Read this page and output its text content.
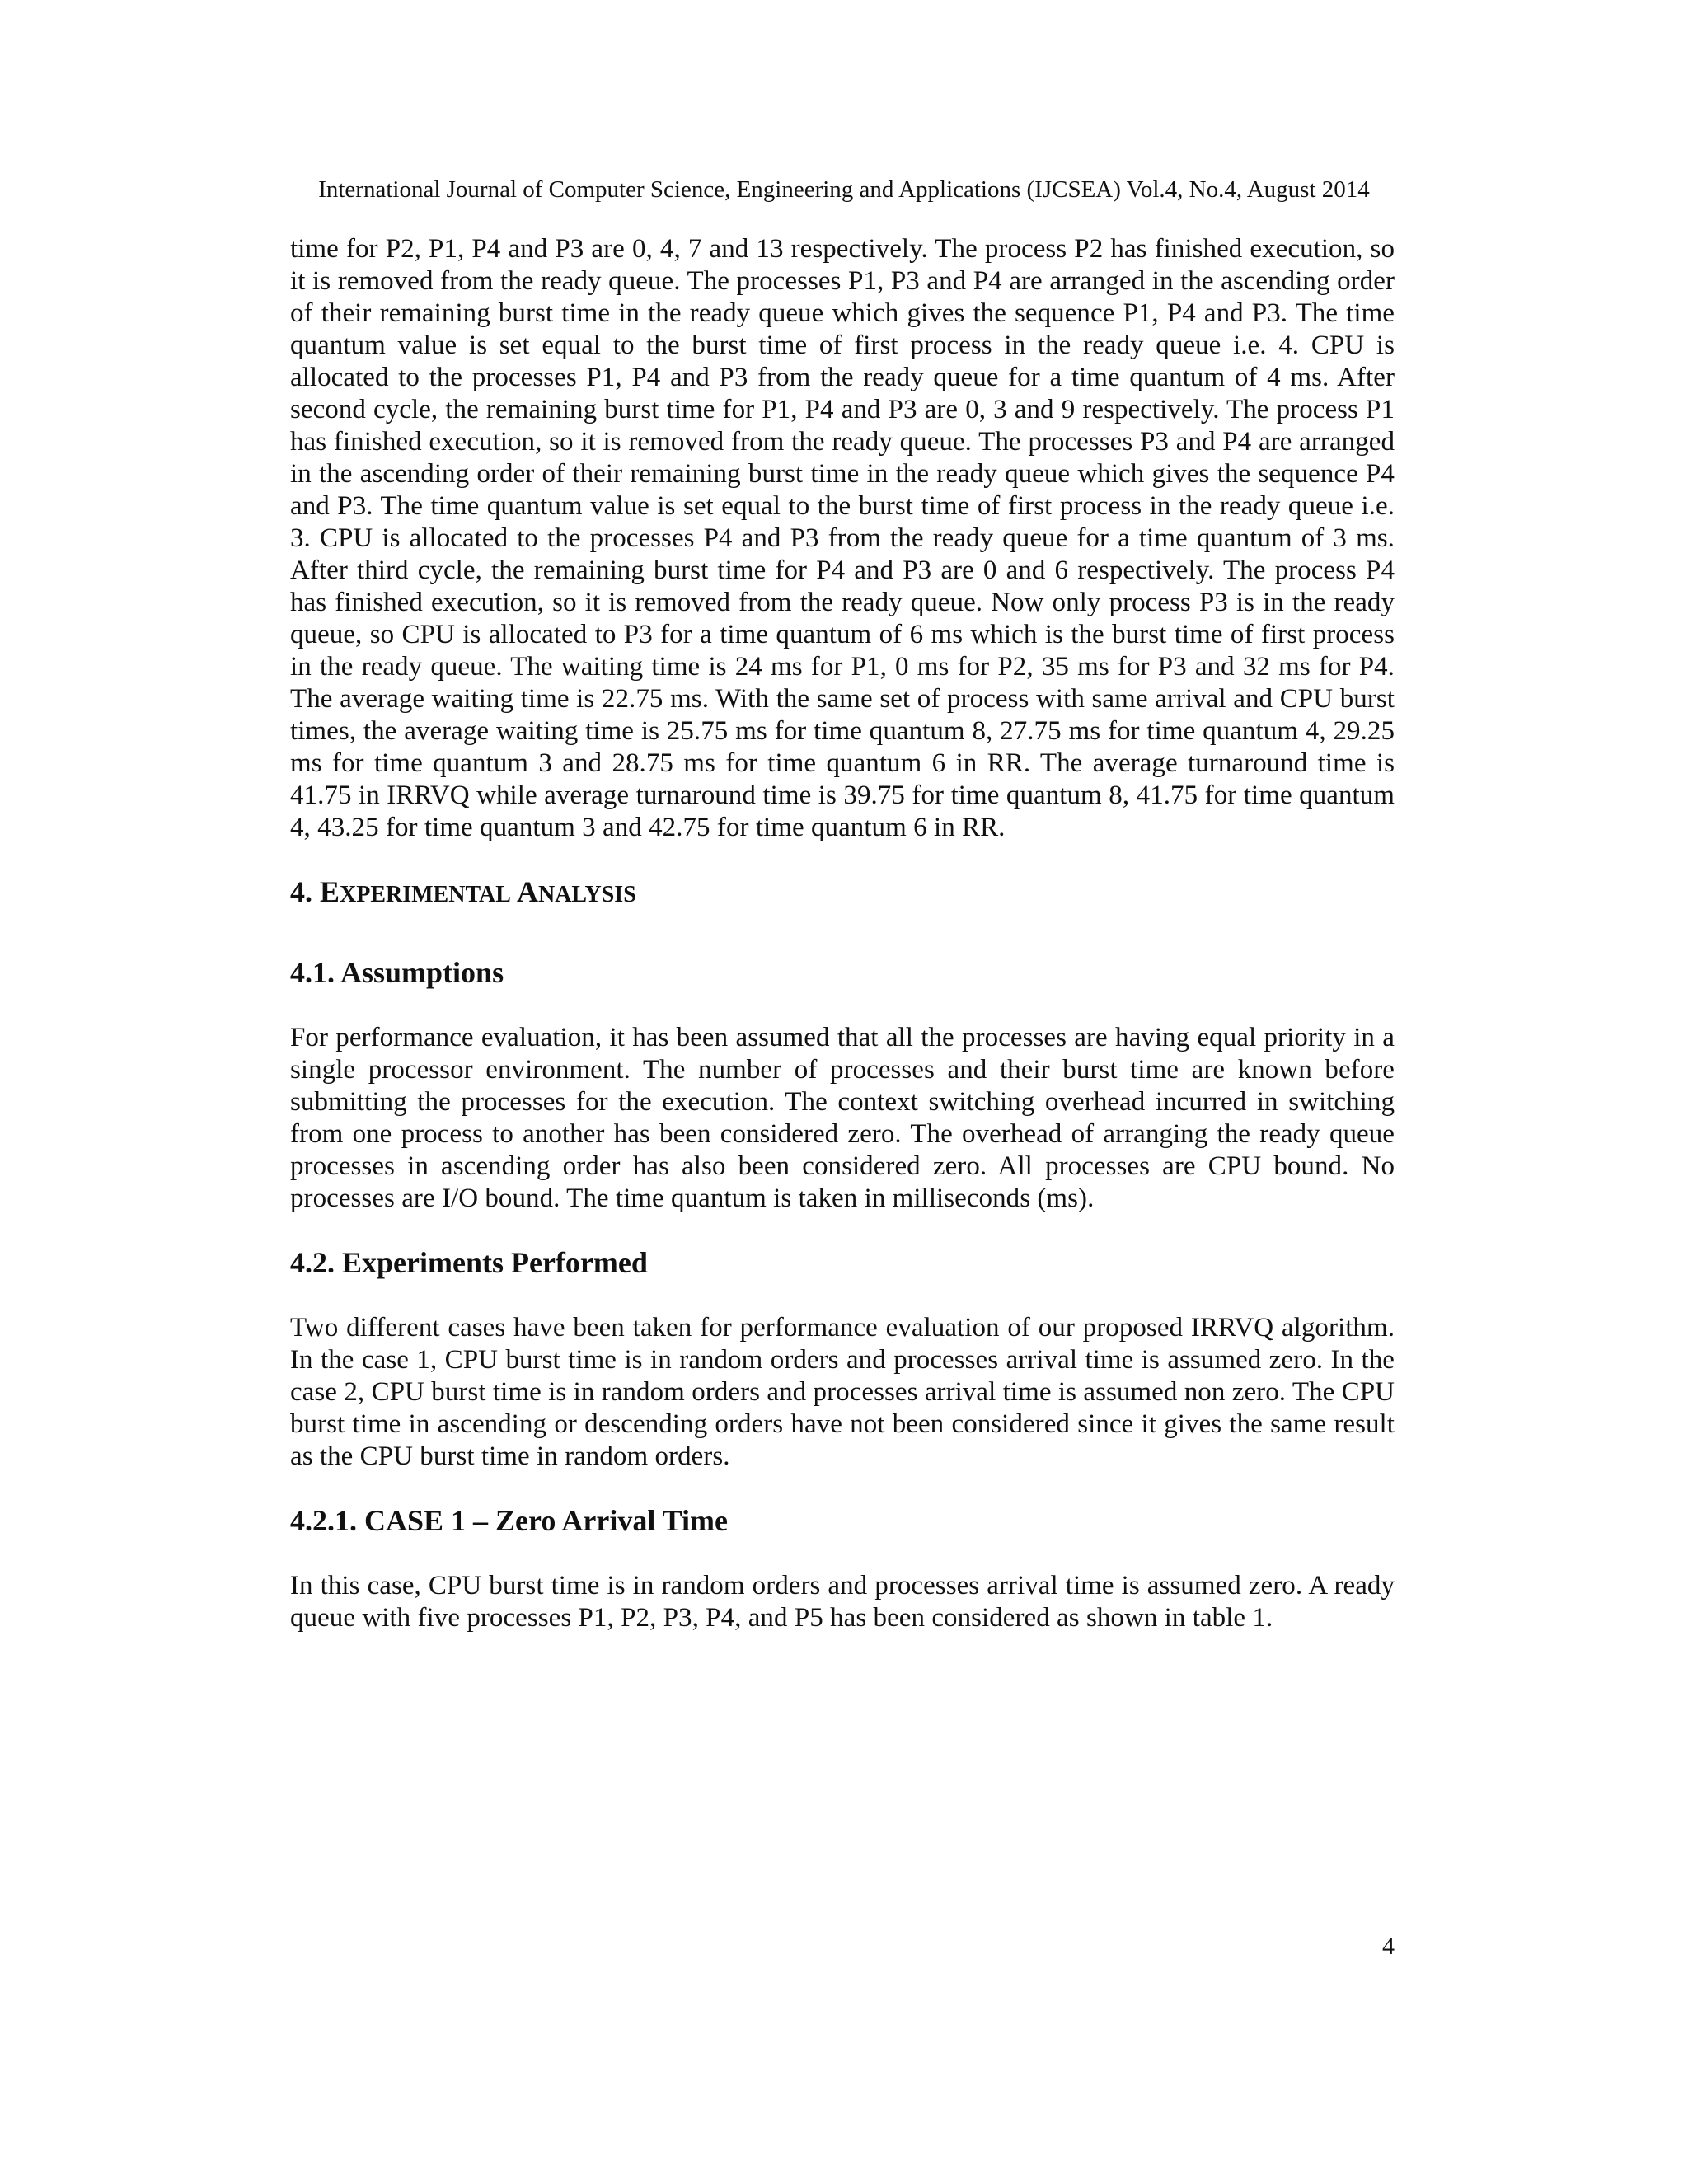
International Journal of Computer Science, Engineering and Applications (IJCSEA) Vol.4, No.4, August 2014

time for P2, P1, P4 and P3 are 0, 4, 7 and 13 respectively. The process P2 has finished execution, so it is removed from the ready queue. The processes P1, P3 and P4 are arranged in the ascending order of their remaining burst time in the ready queue which gives the sequence P1, P4 and P3. The time quantum value is set equal to the burst time of first process in the ready queue i.e. 4. CPU is allocated to the processes P1, P4 and P3 from the ready queue for a time quantum of 4 ms. After second cycle, the remaining burst time for P1, P4 and P3 are 0, 3 and 9 respectively. The process P1 has finished execution, so it is removed from the ready queue. The processes P3 and P4 are arranged in the ascending order of their remaining burst time in the ready queue which gives the sequence P4 and P3. The time quantum value is set equal to the burst time of first process in the ready queue i.e. 3. CPU is allocated to the processes P4 and P3 from the ready queue for a time quantum of 3 ms. After third cycle, the remaining burst time for P4 and P3 are 0 and 6 respectively. The process P4 has finished execution, so it is removed from the ready queue. Now only process P3 is in the ready queue, so CPU is allocated to P3 for a time quantum of 6 ms which is the burst time of first process in the ready queue. The waiting time is 24 ms for P1, 0 ms for P2, 35 ms for P3 and 32 ms for P4. The average waiting time is 22.75 ms. With the same set of process with same arrival and CPU burst times, the average waiting time is 25.75 ms for time quantum 8, 27.75 ms for time quantum 4, 29.25 ms for time quantum 3 and 28.75 ms for time quantum 6 in RR. The average turnaround time is 41.75 in IRRVQ while average turnaround time is 39.75 for time quantum 8, 41.75 for time quantum 4, 43.25 for time quantum 3 and 42.75 for time quantum 6 in RR.

4. EXPERIMENTAL ANALYSIS
4.1. Assumptions

For performance evaluation, it has been assumed that all the processes are having equal priority in a single processor environment. The number of processes and their burst time are known before submitting the processes for the execution. The context switching overhead incurred in switching from one process to another has been considered zero. The overhead of arranging the ready queue processes in ascending order has also been considered zero. All processes are CPU bound. No processes are I/O bound. The time quantum is taken in milliseconds (ms).

4.2. Experiments Performed

Two different cases have been taken for performance evaluation of our proposed IRRVQ algorithm. In the case 1, CPU burst time is in random orders and processes arrival time is assumed zero. In the case 2, CPU burst time is in random orders and processes arrival time is assumed non zero. The CPU burst time in ascending or descending orders have not been considered since it gives the same result as the CPU burst time in random orders.

4.2.1. CASE 1 – Zero Arrival Time

In this case, CPU burst time is in random orders and processes arrival time is assumed zero. A ready queue with five processes P1, P2, P3, P4, and P5 has been considered as shown in table 1.

4
